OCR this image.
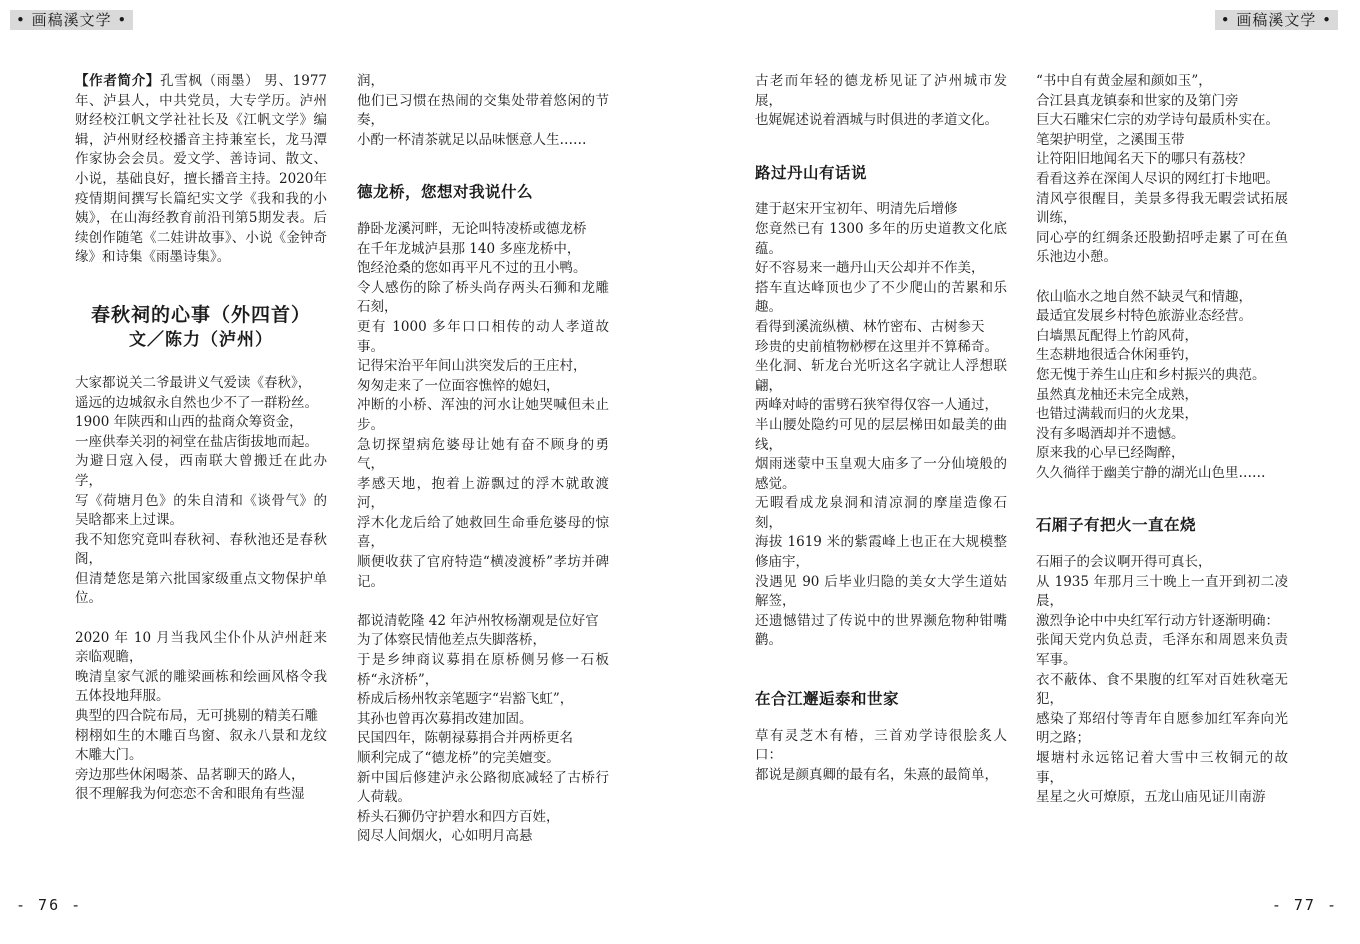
• 画稿溪文学 •	• 画稿溪文学 •

【作者简介】孔雪枫（雨墨） 男、1977年、泸县人，中共党员，大专学历。泸州财经校江帆文学社社长及《江帆文学》编辑，泸州财经校播音主持兼室长，龙马潭作家协会会员。爱文学、善诗词、散文、小说，基础良好，擅长播音主持。2020年疫情期间撰写长篇纪实文学《我和我的小姨》，在山海经教育前沿刊第5期发表。后续创作随笔《二娃讲故事》、小说《金钟奇缘》和诗集《雨墨诗集》。

春秋祠的心事（外四首）
文／陈力（泸州）

大家都说关二爷最讲义气爱读《春秋》，

遥远的边城叙永自然也少不了一群粉丝。

1900 年陕西和山西的盐商众筹资金，

一座供奉关羽的祠堂在盐店街拔地而起。

为避日寇入侵，西南联大曾搬迁在此办学，

写《荷塘月色》的朱自清和《谈骨气》的吴晗都来上过课。

我不知您究竟叫春秋祠、春秋池还是春秋阁，

但清楚您是第六批国家级重点文物保护单位。

2020 年 10 月当我风尘仆仆从泸州赶来亲临观瞻，

晚清皇家气派的雕梁画栋和绘画风格令我五体投地拜服。

典型的四合院布局，无可挑剔的精美石雕

栩栩如生的木雕百鸟窗、叙永八景和龙纹木雕大门。

旁边那些休闲喝茶、品茗聊天的路人，

很不理解我为何恋恋不舍和眼角有些湿

润，

他们已习惯在热闹的交集处带着悠闲的节奏，

小酌一杯清茶就足以品味惬意人生……

德龙桥，您想对我说什么

静卧龙溪河畔，无论叫特凌桥或德龙桥

在千年龙城泸县那 140 多座龙桥中，

饱经沧桑的您如再平凡不过的丑小鸭。

令人感伤的除了桥头尚存两头石狮和龙雕石刻，

更有 1000 多年口口相传的动人孝道故事。

记得宋治平年间山洪突发后的王庄村，

匆匆走来了一位面容憔悴的媳妇，

冲断的小桥、浑浊的河水让她哭喊但未止步。

急切探望病危婆母让她有奋不顾身的勇气，

孝感天地，抱着上游飘过的浮木就敢渡河，

浮木化龙后给了她救回生命垂危婆母的惊喜，

顺便收获了官府特造“横凌渡桥”孝坊并碑记。

都说清乾隆 42 年泸州牧杨潮观是位好官

为了体察民情他差点失脚落桥，

于是乡绅商议募捐在原桥侧另修一石板桥“永济桥”，

桥成后杨州牧亲笔题字“岩豁飞虹”，

其孙也曾再次募捐改建加固。

民国四年，陈朝禄募捐合并两桥更名

顺利完成了“德龙桥”的完美嬗变。

新中国后修建泸永公路彻底减轻了古桥行人荷载。

桥头石狮仍守护碧水和四方百姓，

阅尽人间烟火，心如明月高悬

古老而年轻的德龙桥见证了泸州城市发展，

也娓娓述说着酒城与时俱进的孝道文化。

路过丹山有话说

建于赵宋开宝初年、明清先后增修

您竟然已有 1300 多年的历史道教文化底蕴。

好不容易来一趟丹山天公却并不作美，

搭车直达峰顶也少了不少爬山的苦累和乐趣。

看得到溪流纵横、林竹密布、古树参天

珍贵的史前植物桫椤在这里并不算稀奇。

坐化洞、斩龙台光听这名字就让人浮想联翩，

两峰对峙的雷劈石狭窄得仅容一人通过，

半山腰处隐约可见的层层梯田如最美的曲线，

烟雨迷蒙中玉皇观大庙多了一分仙境般的感觉。

无暇看成龙泉洞和清凉洞的摩崖造像石刻，

海拔 1619 米的紫霞峰上也正在大规模整修庙宇，

没遇见 90 后毕业归隐的美女大学生道姑解签，

还遗憾错过了传说中的世界濒危物种钳嘴鹳。

在合江邂逅泰和世家

草有灵芝木有椿，三首劝学诗很脍炙人口：

都说是颜真卿的最有名，朱熹的最简单，

“书中自有黄金屋和颜如玉”，

合江县真龙镇泰和世家的及第门旁

巨大石雕宋仁宗的劝学诗句最质朴实在。

笔架护明堂，之溪围玉带

让符阳旧地闻名天下的哪只有荔枝？

看看这养在深闺人尽识的网红打卡地吧。

清风亭很醒目，美景多得我无暇尝试拓展训练，

同心亭的红绸条还股勤招呼走累了可在鱼乐池边小憩。

依山临水之地自然不缺灵气和情趣，

最适宜发展乡村特色旅游业态经营。

白墙黑瓦配得上竹韵风荷，

生态耕地很适合休闲垂钓，

您无愧于养生山庄和乡村振兴的典范。

虽然真龙柚还未完全成熟，

也错过满载而归的火龙果，

没有多喝酒却并不遗憾。

原来我的心早已经陶醉，

久久徜徉于幽美宁静的湖光山色里……

石厢子有把火一直在烧

石厢子的会议啊开得可真长，

从 1935 年那月三十晚上一直开到初二凌晨，

激烈争论中中央红军行动方针逐渐明确：

张闻天党内负总责，毛泽东和周恩来负责军事。

衣不蔽体、食不果腹的红军对百姓秋毫无犯，

感染了郑绍付等青年自愿参加红军奔向光明之路；

堰塘村永远铭记着大雪中三枚铜元的故事，

星星之火可燎原，五龙山庙见证川南游

- 76 -	- 77 -
